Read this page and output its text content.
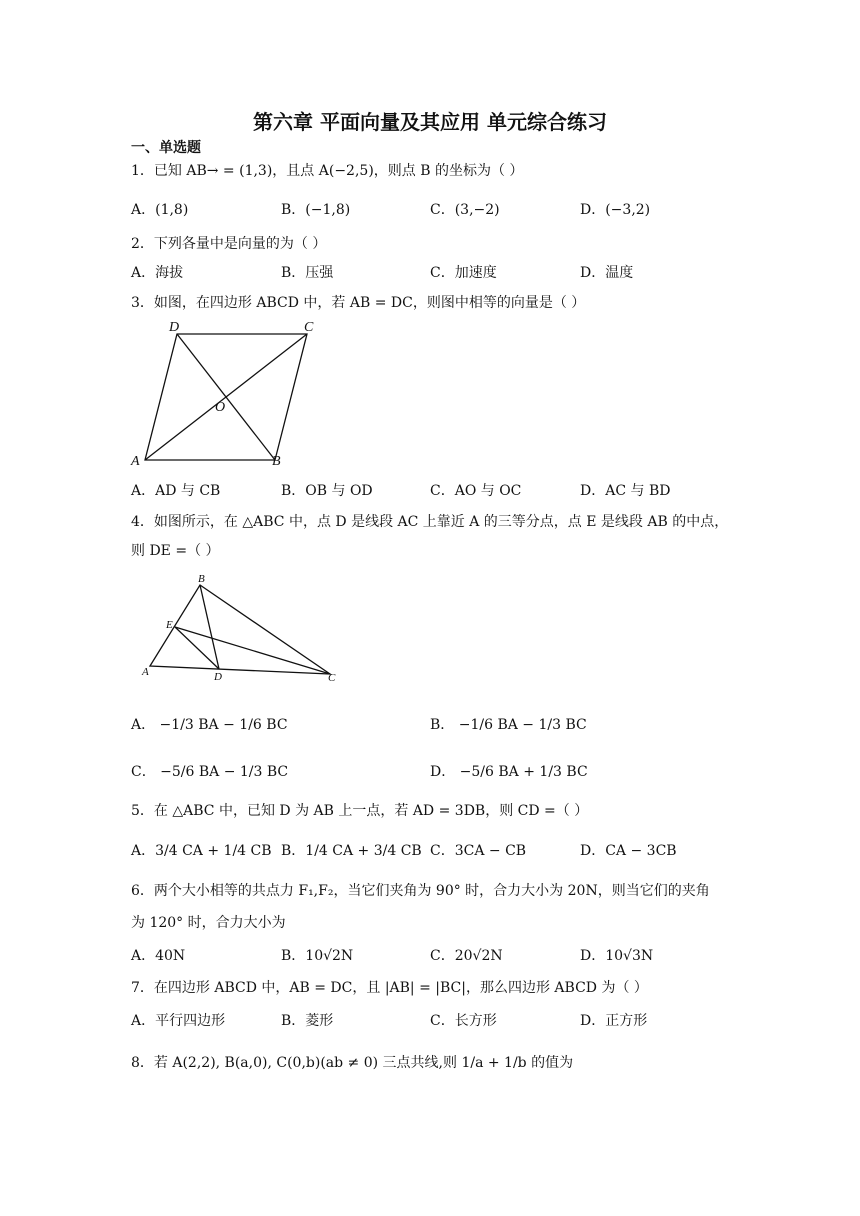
第六章 平面向量及其应用 单元综合练习
一、单选题
1．已知 AB→ = (1,3)，且点 A(−2,5)，则点 B 的坐标为（ ）
A．(1,8)	B．(−1,8)	C．(3,−2)	D．(−3,2)
2．下列各量中是向量的为（ ）
A．海拔	B．压强	C．加速度	D．温度
3．如图，在四边形 ABCD 中，若 AB = DC，则图中相等的向量是（ ）
D	C
O
A	B
A．AD 与 CB	B．OB 与 OD	C．AO 与 OC	D．AC 与 BD
4．如图所示，在 △ABC 中，点 D 是线段 AC 上靠近 A 的三等分点，点 E 是线段 AB 的中点，
则 DE =（ ）
B
E
A	D	C
A． −1/3 BA − 1/6 BC	B． −1/6 BA − 1/3 BC
C． −5/6 BA − 1/3 BC	D． −5/6 BA + 1/3 BC
5．在 △ABC 中，已知 D 为 AB 上一点，若 AD = 3DB，则 CD =（ ）
A．3/4 CA + 1/4 CB B．1/4 CA + 3/4 CB C．3CA − CB	D．CA − 3CB
6．两个大小相等的共点力 F₁,F₂，当它们夹角为 90° 时，合力大小为 20N，则当它们的夹角
为 120° 时，合力大小为
A．40N	B．10√2N	C．20√2N	D．10√3N
7．在四边形 ABCD 中，AB = DC，且 |AB| = |BC|，那么四边形 ABCD 为（ ）
A．平行四边形	B．菱形	C．长方形	D．正方形
8．若 A(2,2), B(a,0), C(0,b)(ab ≠ 0) 三点共线,则 1/a + 1/b 的值为
